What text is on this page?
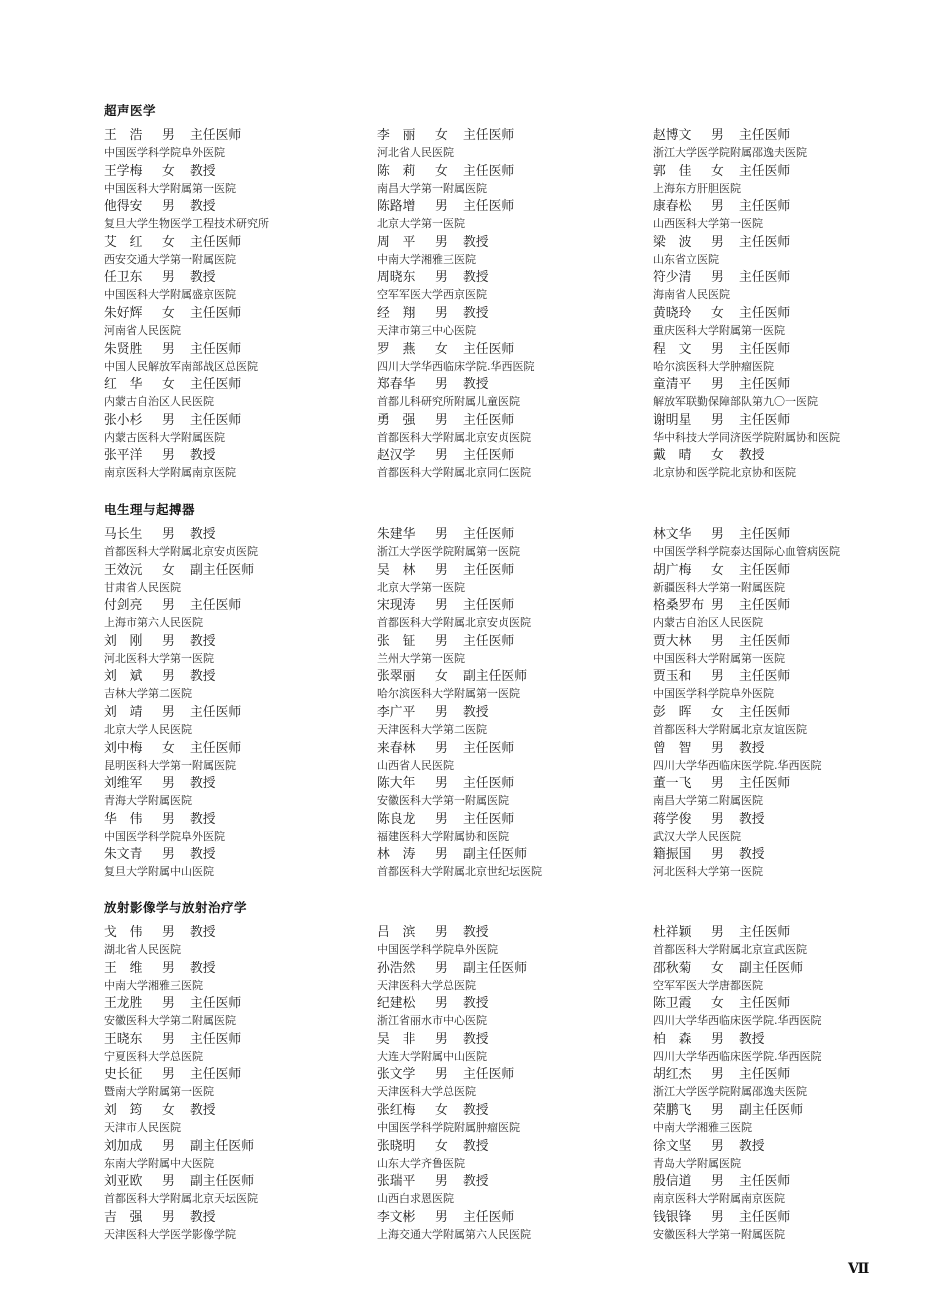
超声医学
王　浩 男 主任医师
中国医学科学院阜外医院
王学梅 女 教授
中国医科大学附属第一医院
他得安 男 教授
复旦大学生物医学工程技术研究所
艾　红 女 主任医师
西安交通大学第一附属医院
任卫东 男 教授
中国医科大学附属盛京医院
朱好辉 女 主任医师
河南省人民医院
朱贤胜 男 主任医师
中国人民解放军南部战区总医院
红　华 女 主任医师
内蒙古自治区人民医院
张小杉 男 主任医师
内蒙古医科大学附属医院
张平洋 男 教授
南京医科大学附属南京医院
李　丽 女 主任医师
河北省人民医院
陈　莉 女 主任医师
南昌大学第一附属医院
陈路增 男 主任医师
北京大学第一医院
周　平 男 教授
中南大学湘雅三医院
周晓东 男 教授
空军军医大学西京医院
经　翔 男 教授
天津市第三中心医院
罗　燕 女 主任医师
四川大学华西临床学院.华西医院
郑春华 男 教授
首都儿科研究所附属儿童医院
勇　强 男 主任医师
首都医科大学附属北京安贞医院
赵汉学 男 主任医师
首都医科大学附属北京同仁医院
赵博文 男 主任医师
浙江大学医学院附属邵逸夫医院
郭　佳 女 主任医师
上海东方肝胆医院
康春松 男 主任医师
山西医科大学第一医院
梁　波 男 主任医师
山东省立医院
符少清 男 主任医师
海南省人民医院
黄晓玲 女 主任医师
重庆医科大学附属第一医院
程　文 男 主任医师
哈尔滨医科大学肿瘤医院
童清平 男 主任医师
解放军联勤保障部队第九〇一医院
谢明星 男 主任医师
华中科技大学同济医学院附属协和医院
戴　晴 女 教授
北京协和医学院北京协和医院
电生理与起搏器
马长生 男 教授
首都医科大学附属北京安贞医院
王效沅 女 副主任医师
甘肃省人民医院
付剑亮 男 主任医师
上海市第六人民医院
刘　刚 男 教授
河北医科大学第一医院
刘　斌 男 教授
吉林大学第二医院
刘　靖 男 主任医师
北京大学人民医院
刘中梅 女 主任医师
昆明医科大学第一附属医院
刘维军 男 教授
青海大学附属医院
华　伟 男 教授
中国医学科学院阜外医院
朱文青 男 教授
复旦大学附属中山医院
朱建华 男 主任医师
浙江大学医学院附属第一医院
吴　林 男 主任医师
北京大学第一医院
宋现涛 男 主任医师
首都医科大学附属北京安贞医院
张　钲 男 主任医师
兰州大学第一医院
张翠丽 女 副主任医师
哈尔滨医科大学附属第一医院
李广平 男 教授
天津医科大学第二医院
来春林 男 主任医师
山西省人民医院
陈大年 男 主任医师
安徽医科大学第一附属医院
陈良龙 男 主任医师
福建医科大学附属协和医院
林　涛 男 副主任医师
首都医科大学附属北京世纪坛医院
林文华 男 主任医师
中国医学科学院泰达国际心血管病医院
胡广梅 女 主任医师
新疆医科大学第一附属医院
格桑罗布 男 主任医师
内蒙古自治区人民医院
贾大林 男 主任医师
中国医科大学附属第一医院
贾玉和 男 主任医师
中国医学科学院阜外医院
彭　晖 女 主任医师
首都医科大学附属北京友谊医院
曾　智 男 教授
四川大学华西临床医学院.华西医院
董一飞 男 主任医师
南昌大学第二附属医院
蒋学俊 男 教授
武汉大学人民医院
籍振国 男 教授
河北医科大学第一医院
放射影像学与放射治疗学
戈　伟 男 教授
湖北省人民医院
王　维 男 教授
中南大学湘雅三医院
王龙胜 男 主任医师
安徽医科大学第二附属医院
王晓东 男 主任医师
宁夏医科大学总医院
史长征 男 主任医师
暨南大学附属第一医院
刘　筠 女 教授
天津市人民医院
刘加成 男 副主任医师
东南大学附属中大医院
刘亚欧 男 副主任医师
首都医科大学附属北京天坛医院
吉　强 男 教授
天津医科大学医学影像学院
吕　滨 男 教授
中国医学科学院阜外医院
孙浩然 男 副主任医师
天津医科大学总医院
纪建松 男 教授
浙江省丽水市中心医院
吴　非 男 教授
大连大学附属中山医院
张文学 男 主任医师
天津医科大学总医院
张红梅 女 教授
中国医学科学院附属肿瘤医院
张晓明 女 教授
山东大学齐鲁医院
张瑞平 男 教授
山西白求恩医院
李文彬 男 主任医师
上海交通大学附属第六人民医院
杜祥颖 男 主任医师
首都医科大学附属北京宣武医院
邵秋菊 女 副主任医师
空军军医大学唐都医院
陈卫霞 女 主任医师
四川大学华西临床医学院.华西医院
柏　森 男 教授
四川大学华西临床医学院.华西医院
胡红杰 男 主任医师
浙江大学医学院附属邵逸夫医院
荣鹏飞 男 副主任医师
中南大学湘雅三医院
徐文坚 男 教授
青岛大学附属医院
殷信道 男 主任医师
南京医科大学附属南京医院
钱银锋 男 主任医师
安徽医科大学第一附属医院
Ⅶ
